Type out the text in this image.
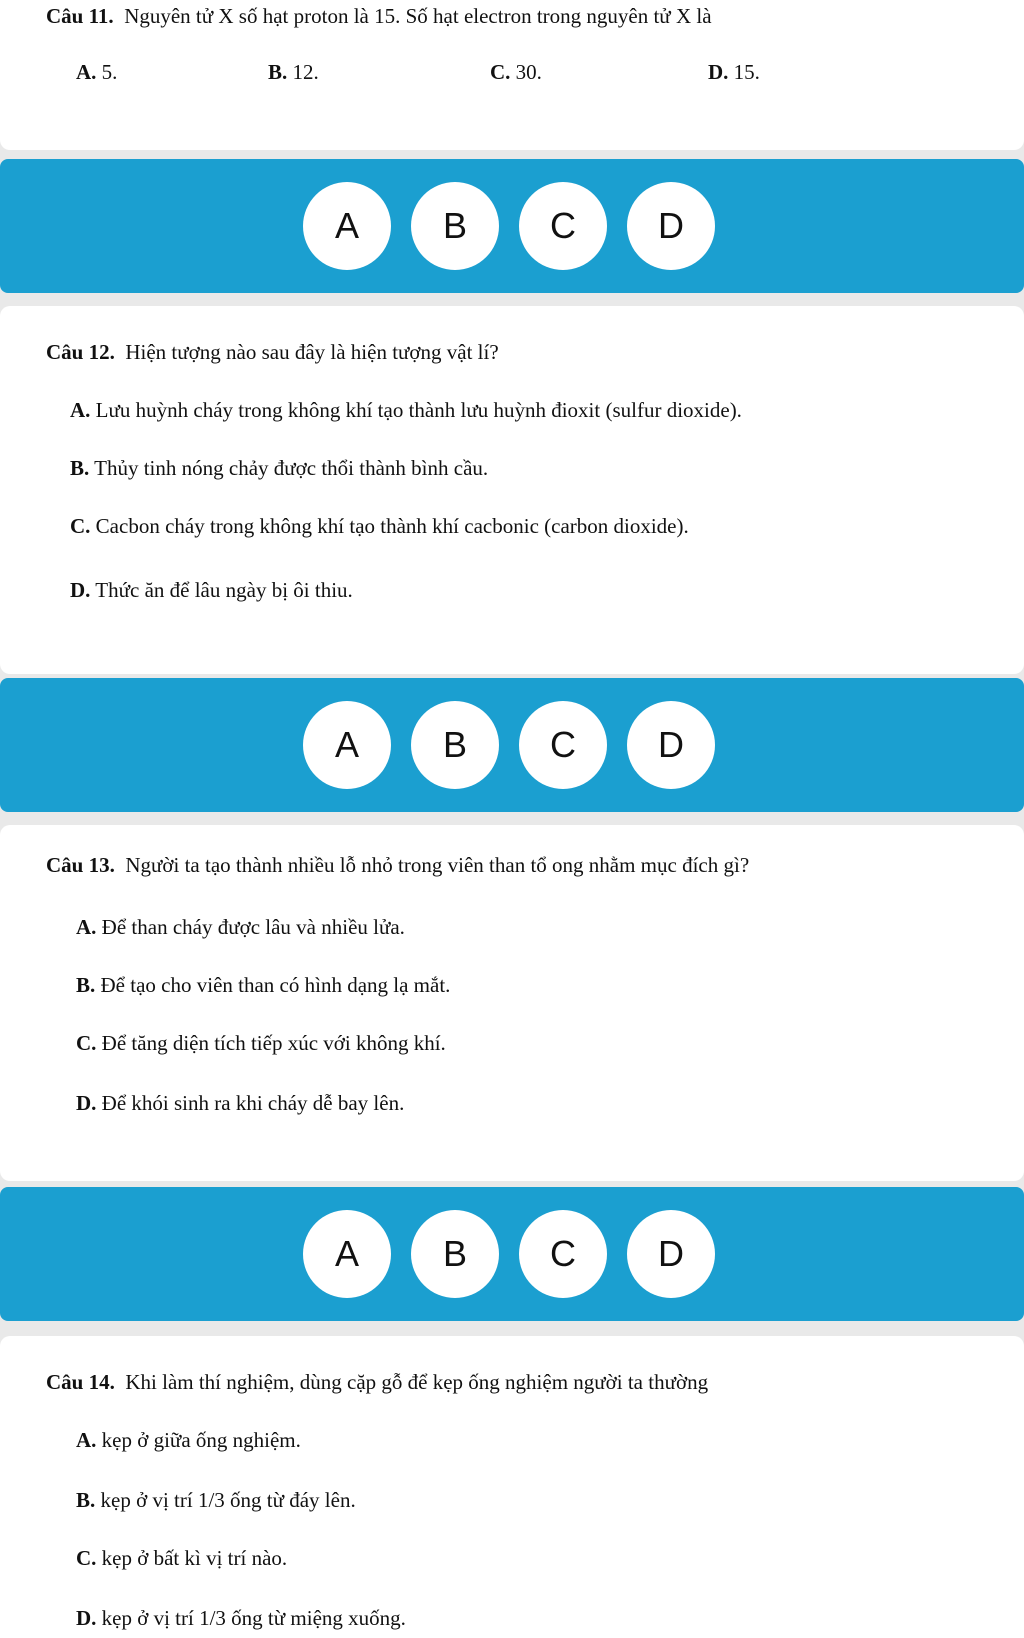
Câu 11. Nguyên tử X số hạt proton là 15. Số hạt electron trong nguyên tử X là
A. 5.	B. 12.	C. 30.	D. 15.
A	B	C	D
Câu 12. Hiện tượng nào sau đây là hiện tượng vật lí?
A. Lưu huỳnh cháy trong không khí tạo thành lưu huỳnh đioxit (sulfur dioxide).
B. Thủy tinh nóng chảy được thổi thành bình cầu.
C. Cacbon cháy trong không khí tạo thành khí cacbonic (carbon dioxide).
D. Thức ăn để lâu ngày bị ôi thiu.
A	B	C	D
Câu 13. Người ta tạo thành nhiều lỗ nhỏ trong viên than tổ ong nhằm mục đích gì?
A. Để than cháy được lâu và nhiều lửa.
B. Để tạo cho viên than có hình dạng lạ mắt.
C. Để tăng diện tích tiếp xúc với không khí.
D. Để khói sinh ra khi cháy dễ bay lên.
A	B	C	D
Câu 14. Khi làm thí nghiệm, dùng cặp gỗ để kẹp ống nghiệm người ta thường
A. kẹp ở giữa ống nghiệm.
B. kẹp ở vị trí 1/3 ống từ đáy lên.
C. kẹp ở bất kì vị trí nào.
D. kẹp ở vị trí 1/3 ống từ miệng xuống.
